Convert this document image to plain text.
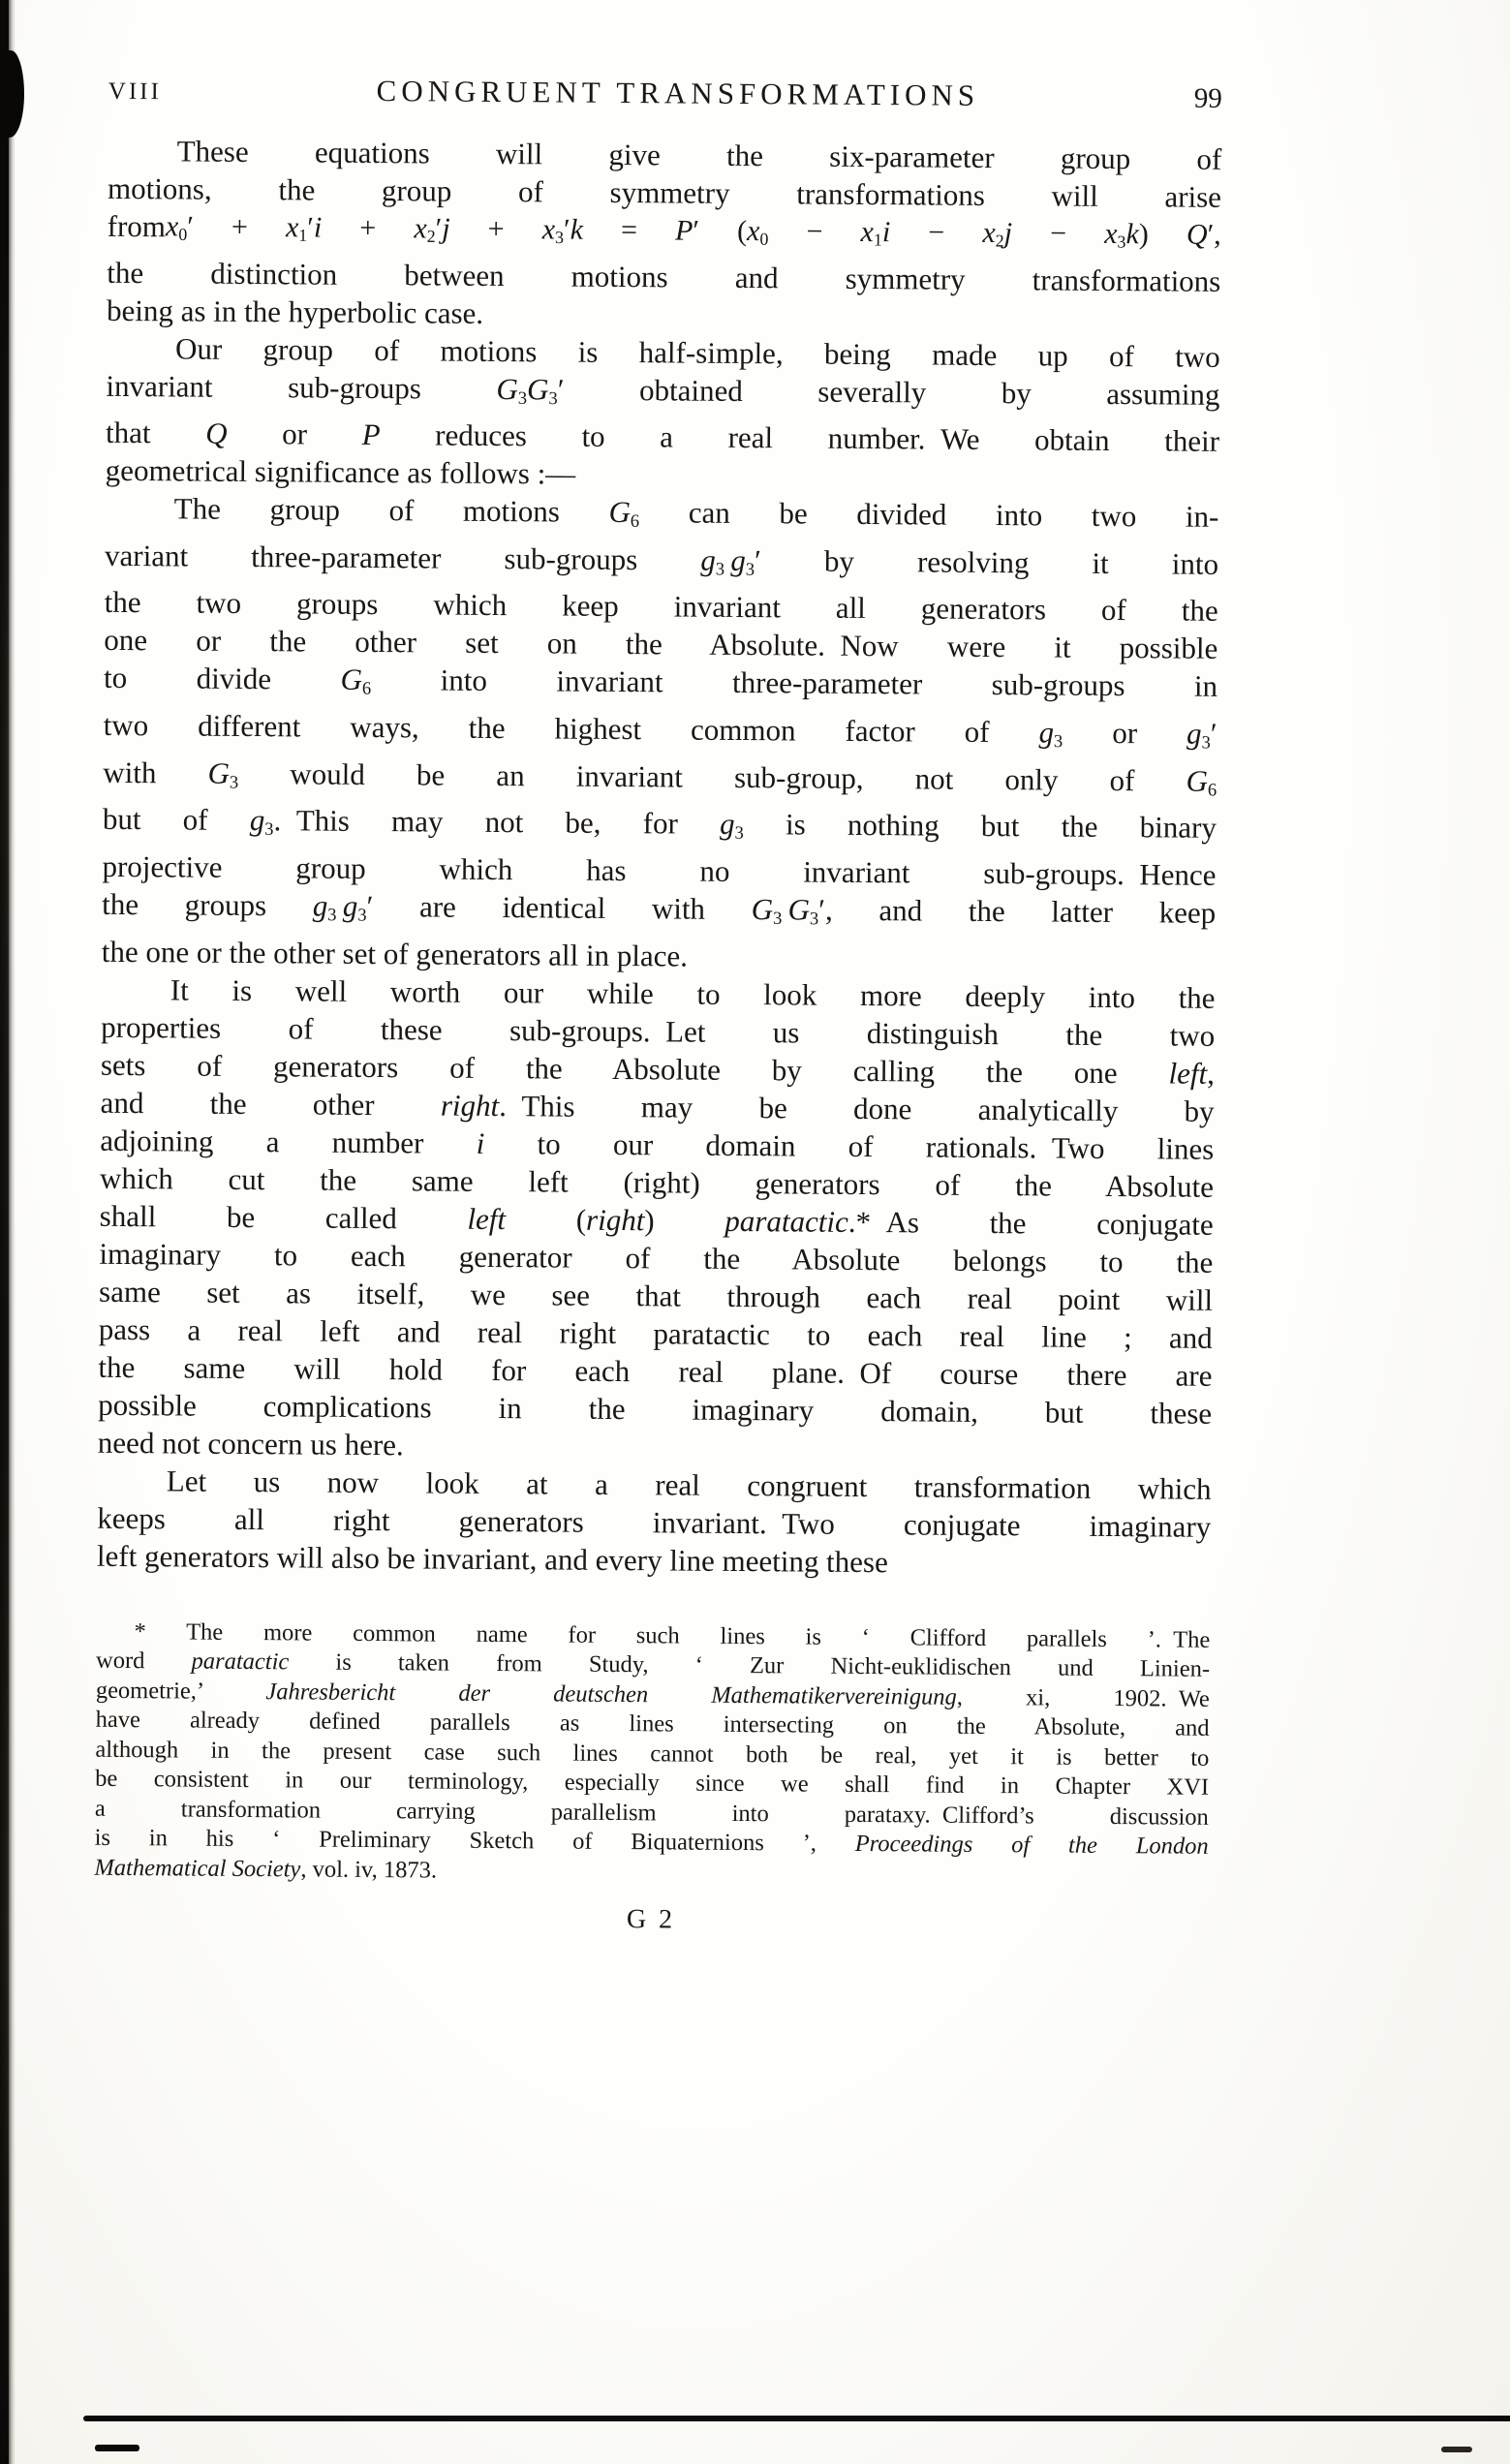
VIII	CONGRUENT TRANSFORMATIONS	99
These equations will give the six-parameter group of
motions, the group of symmetry transformations will arise
from x0′ + x1′i + x2′j + x3′k = P′ (x0 − x1i − x2j − x3k) Q′,
the distinction between motions and symmetry transformations
being as in the hyperbolic case.
Our group of motions is half-simple, being made up of two
invariant sub-groups G3G3′ obtained severally by assuming
that Q or P reduces to a real number. We obtain their
geometrical significance as follows :—
The group of motions G6 can be divided into two in-
variant three-parameter sub-groups g3  g3′ by resolving it into
the two groups which keep invariant all generators of the
one or the other set on the Absolute. Now were it possible
to divide G6 into invariant three-parameter sub-groups in
two different ways, the highest common factor of g3 or g3′
with G3 would be an invariant sub-group, not only of G6
but of g3. This may not be, for g3 is nothing but the binary
projective group which has no invariant sub-groups. Hence
the groups g3  g3′ are identical with G3  G3′, and the latter keep
the one or the other set of generators all in place.
It is well worth our while to look more deeply into the
properties of these sub-groups. Let us distinguish the two
sets of generators of the Absolute by calling the one left,
and the other right. This may be done analytically by
adjoining a number i to our domain of rationals. Two lines
which cut the same left (right) generators of the Absolute
shall be called left (right) paratactic.* As the conjugate
imaginary to each generator of the Absolute belongs to the
same set as itself, we see that through each real point will
pass a real left and real right paratactic to each real line ; and
the same will hold for each real plane. Of course there are
possible complications in the imaginary domain, but these
need not concern us here.
Let us now look at a real congruent transformation which
keeps all right generators invariant. Two conjugate imaginary
left generators will also be invariant, and every line meeting these
* The more common name for such lines is ‘ Clifford parallels ’. The
word paratactic is taken from Study, ‘ Zur Nicht-euklidischen und Linien-
geometrie,’ Jahresbericht der deutschen Mathematikervereinigung, xi, 1902. We
have already defined parallels as lines intersecting on the Absolute, and
although in the present case such lines cannot both be real, yet it is better to
be consistent in our terminology, especially since we shall find in Chapter XVI
a transformation carrying parallelism into parataxy. Clifford’s discussion
is in his ‘ Preliminary Sketch of Biquaternions ’, Proceedings of the London
Mathematical Society, vol. iv, 1873.
G 2
